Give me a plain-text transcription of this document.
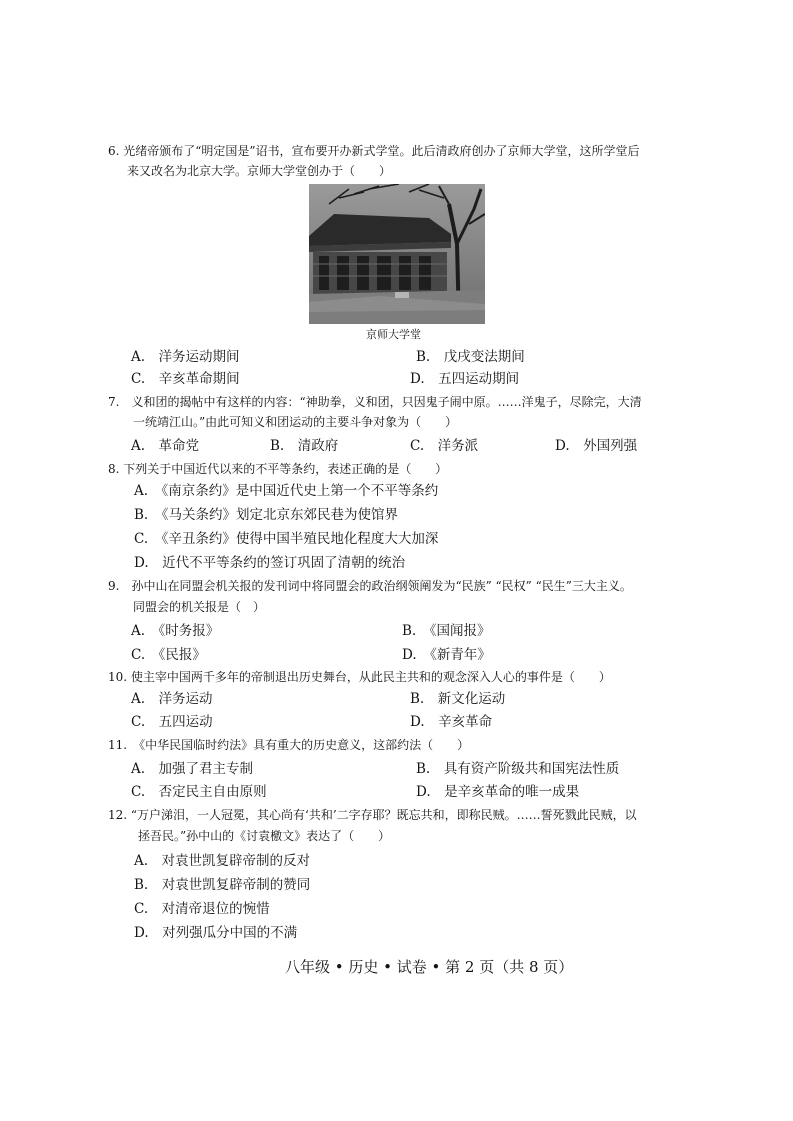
6. 光绪帝颁布了“明定国是”诏书，宣布要开办新式学堂。此后清政府创办了京师大学堂，这所学堂后
来又改名为北京大学。京师大学堂创办于（　　）
京师大学堂
A.　洋务运动期间	B.　戊戌变法期间
C.　辛亥革命期间	D.　五四运动期间
7.　义和团的揭帖中有这样的内容：“神助拳，义和团，只因鬼子闹中原。……洋鬼子，尽除完，大清
一统靖江山。”由此可知义和团运动的主要斗争对象为（　　）
A.　革命党	B.　清政府	C.　洋务派	D.　外国列强
8. 下列关于中国近代以来的不平等条约，表述正确的是（　　）
A.　《南京条约》是中国近代史上第一个不平等条约
B.　《马关条约》划定北京东郊民巷为使馆界
C.　《辛丑条约》使得中国半殖民地化程度大大加深
D.　近代不平等条约的签订巩固了清朝的统治
9.　孙中山在同盟会机关报的发刊词中将同盟会的政治纲领阐发为“民族” “民权” “民生”三大主义。
同盟会的机关报是（　）
A.　《时务报》	B.　《国闻报》
C.　《民报》	D.　《新青年》
10. 使主宰中国两千多年的帝制退出历史舞台，从此民主共和的观念深入人心的事件是（　　）
A.　洋务运动	B.　新文化运动
C.　五四运动	D.　辛亥革命
11.　《中华民国临时约法》具有重大的历史意义，这部约法（　　）
A.　加强了君主专制	B.　具有资产阶级共和国宪法性质
C.　否定民主自由原则	D.　是辛亥革命的唯一成果
12. “万户涕泪，一人冠冕，其心尚有‘共和’二字存耶？既忘共和，即称民贼。……誓死戮此民贼，以
拯吾民。”孙中山的《讨袁檄文》表达了（　　）
A.　对袁世凯复辟帝制的反对
B.　对袁世凯复辟帝制的赞同
C.　对清帝退位的惋惜
D.　对列强瓜分中国的不满
八年级 • 历史 • 试卷 • 第 2 页（共 8 页）
